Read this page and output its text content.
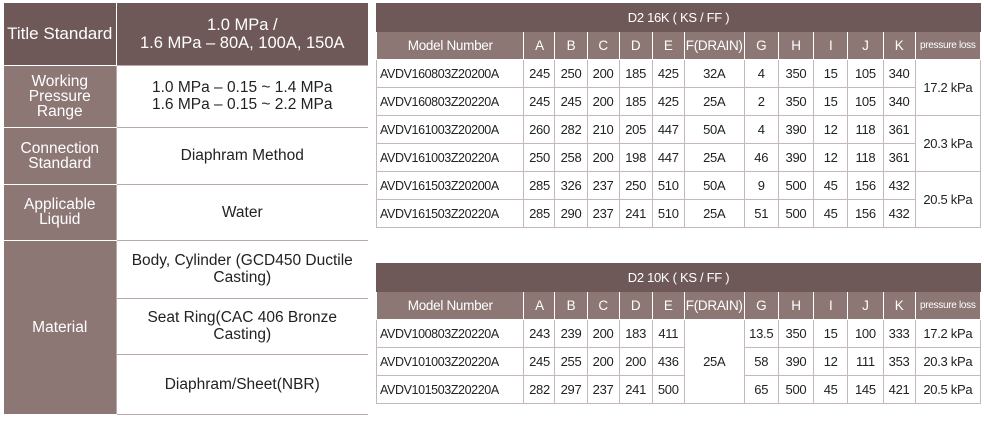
Title Standard	1.0 MPa /
1.6 MPa – 80A, 100A, 150A

Working Pressure Range	1.0 MPa – 0.15 ~ 1.4 MPa
1.6 MPa – 0.15 ~ 2.2 MPa

Connection Standard	Diaphram Method
Applicable Liquid	Water
Material	Body, Cylinder (GCD450 Ductile Casting)

	Seat Ring(CAC 406 Bronze Casting)

	Diaphram/Sheet(NBR)
D2 16K ( KS / FF )												
Model Number	A	B	C	D	E	F(DRAIN)	G	H	I	J	K	pressure loss
AVDV160803Z20200A	245	250	200	185	425	32A	4	350	15	105	340	17.2 kPa
AVDV160803Z20220A	245	245	200	185	425	25A	2	350	15	105	340	
AVDV161003Z20200A	260	282	210	205	447	50A	4	390	12	118	361	20.3 kPa
AVDV161003Z20220A	250	258	200	198	447	25A	46	390	12	118	361	
AVDV161503Z20200A	285	326	237	250	510	50A	9	500	45	156	432	20.5 kPa
AVDV161503Z20220A	285	290	237	241	510	25A	51	500	45	156	432	
D2 10K ( KS / FF )												
Model Number	A	B	C	D	E	F(DRAIN)	G	H	I	J	K	pressure loss
AVDV100803Z20220A	243	239	200	183	411	25A	13.5	350	15	100	333	17.2 kPa
AVDV101003Z20220A	245	255	200	200	436		58	390	12	111	353	20.3 kPa
AVDV101503Z20220A	282	297	237	241	500		65	500	45	145	421	20.5 kPa
